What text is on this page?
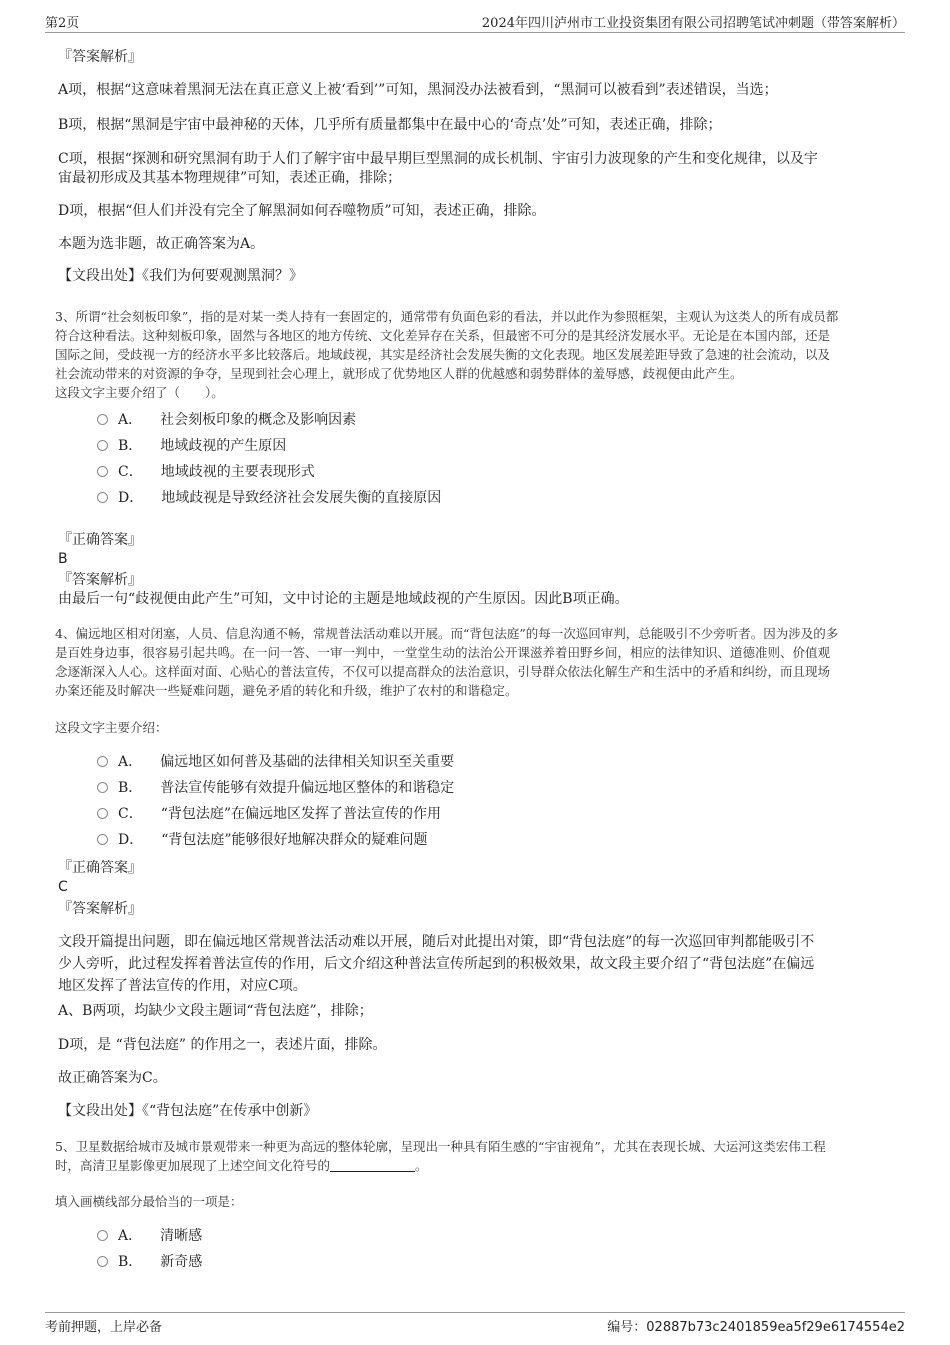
第2页	2024年四川泸州市工业投资集团有限公司招聘笔试冲刺题（带答案解析）
『答案解析』
A项，根据“这意味着黑洞无法在真正意义上被‘看到’”可知，黑洞没办法被看到，“黑洞可以被看到”表述错误，当选；
B项，根据“黑洞是宇宙中最神秘的天体，几乎所有质量都集中在最中心的‘奇点’处”可知，表述正确，排除；
C项，根据“探测和研究黑洞有助于人们了解宇宙中最早期巨型黑洞的成长机制、宇宙引力波现象的产生和变化规律，以及宇
宙最初形成及其基本物理规律”可知，表述正确，排除；
D项，根据“但人们并没有完全了解黑洞如何吞噬物质”可知，表述正确，排除。
本题为选非题，故正确答案为A。
【文段出处】《我们为何要观测黑洞？》
3、所谓“社会刻板印象”，指的是对某一类人持有一套固定的，通常带有负面色彩的看法，并以此作为参照框架，主观认为这类人的所有成员都
符合这种看法。这种刻板印象，固然与各地区的地方传统、文化差异存在关系，但最密不可分的是其经济发展水平。无论是在本国内部，还是
国际之间，受歧视一方的经济水平多比较落后。地域歧视，其实是经济社会发展失衡的文化表现。地区发展差距导致了急速的社会流动，以及
社会流动带来的对资源的争夺，呈现到社会心理上，就形成了优势地区人群的优越感和弱势群体的羞辱感，歧视便由此产生。
这段文字主要介绍了（　　）。
A． 社会刻板印象的概念及影响因素
B． 地域歧视的产生原因
C． 地域歧视的主要表现形式
D． 地域歧视是导致经济社会发展失衡的直接原因
『正确答案』
B
『答案解析』
由最后一句“歧视便由此产生”可知，文中讨论的主题是地域歧视的产生原因。因此B项正确。
4、偏远地区相对闭塞，人员、信息沟通不畅，常规普法活动难以开展。而“背包法庭”的每一次巡回审判，总能吸引不少旁听者。因为涉及的多
是百姓身边事，很容易引起共鸣。在一问一答、一审一判中，一堂堂生动的法治公开课滋养着田野乡间，相应的法律知识、道德准则、价值观
念逐渐深入人心。这样面对面、心贴心的普法宣传，不仅可以提高群众的法治意识，引导群众依法化解生产和生活中的矛盾和纠纷，而且现场
办案还能及时解决一些疑难问题，避免矛盾的转化和升级，维护了农村的和谐稳定。
这段文字主要介绍：
A． 偏远地区如何普及基础的法律相关知识至关重要
B． 普法宣传能够有效提升偏远地区整体的和谐稳定
C． “背包法庭”在偏远地区发挥了普法宣传的作用
D． “背包法庭”能够很好地解决群众的疑难问题
『正确答案』
C
『答案解析』
文段开篇提出问题，即在偏远地区常规普法活动难以开展，随后对此提出对策，即“背包法庭”的每一次巡回审判都能吸引不
少人旁听，此过程发挥着普法宣传的作用，后文介绍这种普法宣传所起到的积极效果，故文段主要介绍了“背包法庭”在偏远
地区发挥了普法宣传的作用，对应C项。
A、B两项，均缺少文段主题词“背包法庭”，排除；
D项，是 “背包法庭” 的作用之一，表述片面，排除。
故正确答案为C。
【文段出处】《“背包法庭”在传承中创新》
5、卫星数据给城市及城市景观带来一种更为高远的整体轮廓，呈现出一种具有陌生感的“宇宙视角”，尤其在表现长城、大运河这类宏伟工程
时，高清卫星影像更加展现了上述空间文化符号的	。
填入画横线部分最恰当的一项是：
A． 清晰感
B． 新奇感
考前押题，上岸必备	编号：02887b73c2401859ea5f29e6174554e2
